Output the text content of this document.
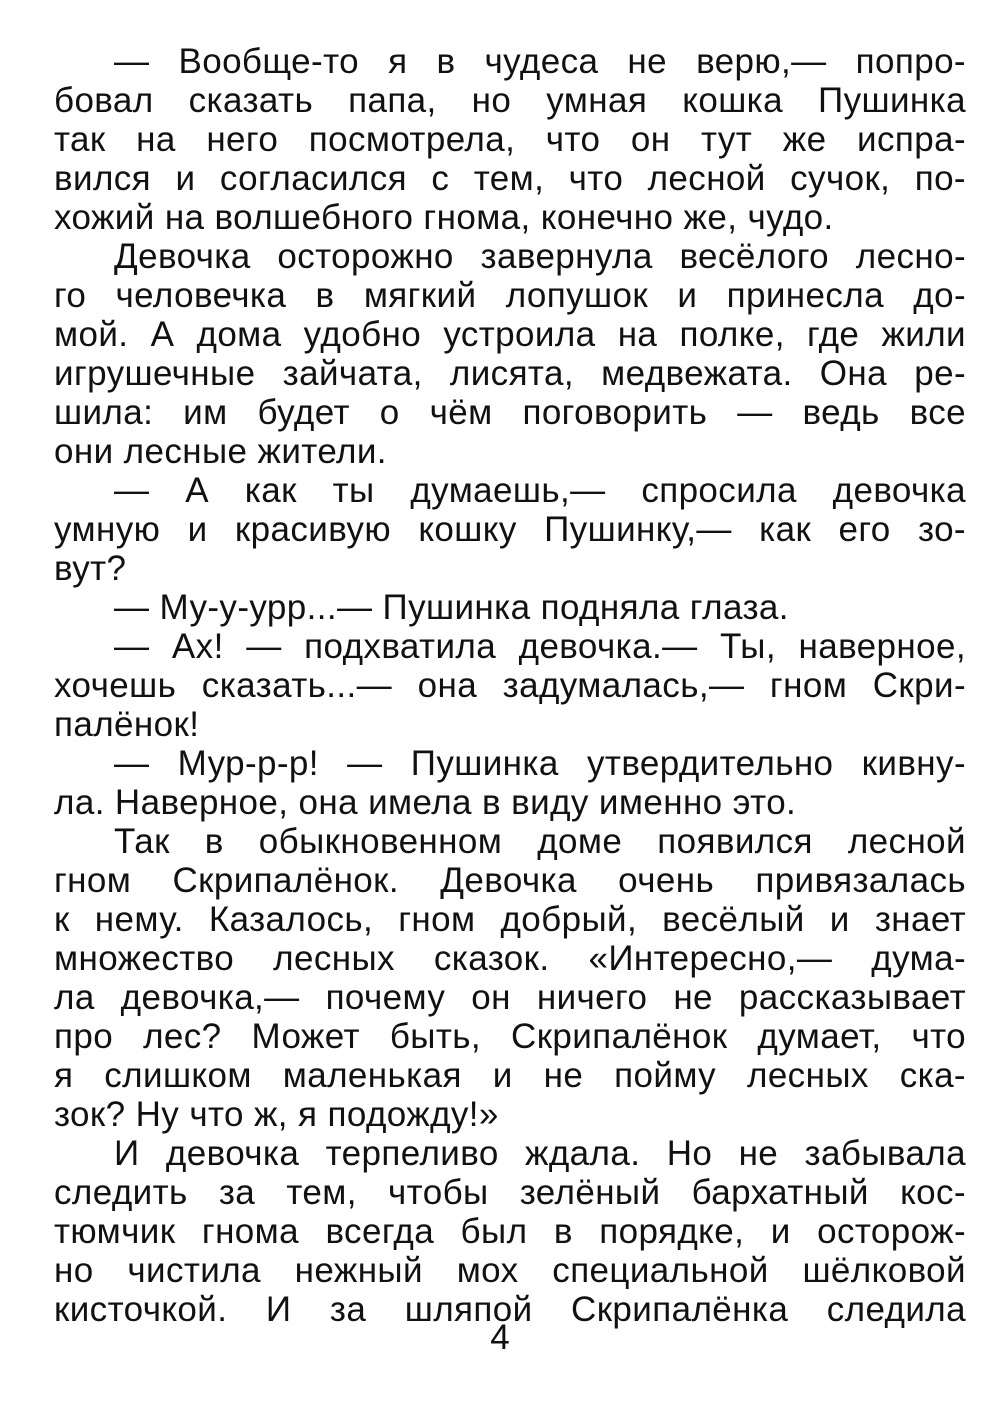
— Вообще-то я в чудеса не верю,— попро-
бовал сказать папа, но умная кошка Пушинка
так на него посмотрела, что он тут же испра-
вился и согласился с тем, что лесной сучок, по-
хожий на волшебного гнома, конечно же, чудо.
Девочка осторожно завернула весёлого лесно-
го человечка в мягкий лопушок и принесла до-
мой. А дома удобно устроила на полке, где жили
игрушечные зайчата, лисята, медвежата. Она ре-
шила: им будет о чём поговорить — ведь все
они лесные жители.
— А как ты думаешь,— спросила девочка
умную и красивую кошку Пушинку,— как его зо-
вут?
— Му-у-урр...— Пушинка подняла глаза.
— Ах! — подхватила девочка.— Ты, наверное,
хочешь сказать...— она задумалась,— гном Скри-
палёнок!
— Мур-р-р! — Пушинка утвердительно кивну-
ла. Наверное, она имела в виду именно это.
Так в обыкновенном доме появился лесной
гном Скрипалёнок. Девочка очень привязалась
к нему. Казалось, гном добрый, весёлый и знает
множество лесных сказок. «Интересно,— дума-
ла девочка,— почему он ничего не рассказывает
про лес? Может быть, Скрипалёнок думает, что
я слишком маленькая и не пойму лесных ска-
зок? Ну что ж, я подожду!»
И девочка терпеливо ждала. Но не забывала
следить за тем, чтобы зелёный бархатный кос-
тюмчик гнома всегда был в порядке, и осторож-
но чистила нежный мох специальной шёлковой
кисточкой. И за шляпой Скрипалёнка следила
4
